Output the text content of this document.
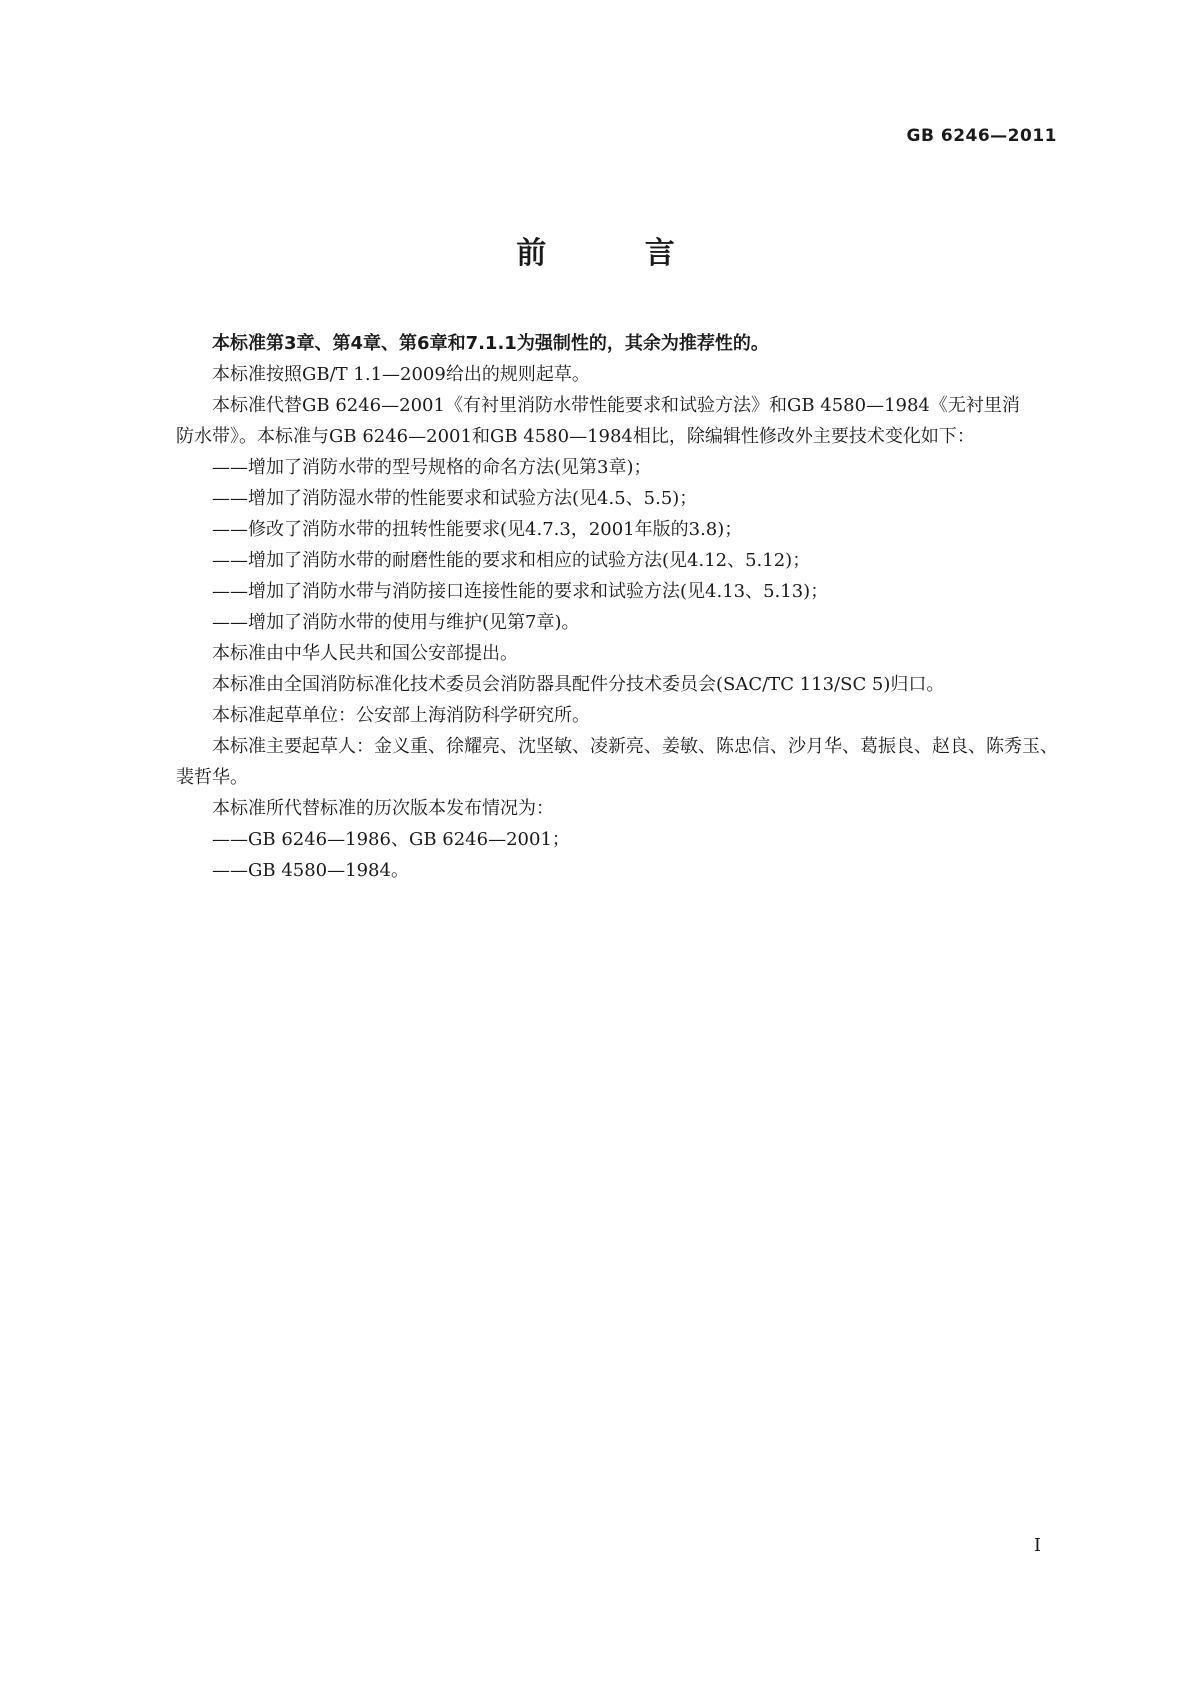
GB 6246—2011
前 言

本标准第3章、第4章、第6章和7.1.1为强制性的，其余为推荐性的。

本标准按照GB/T 1.1—2009给出的规则起草。

本标准代替GB 6246—2001《有衬里消防水带性能要求和试验方法》和GB 4580—1984《无衬里消

防水带》。本标准与GB 6246—2001和GB 4580—1984相比，除编辑性修改外主要技术变化如下：

——增加了消防水带的型号规格的命名方法(见第3章)；

——增加了消防湿水带的性能要求和试验方法(见4.5、5.5)；

——修改了消防水带的扭转性能要求(见4.7.3，2001年版的3.8)；

——增加了消防水带的耐磨性能的要求和相应的试验方法(见4.12、5.12)；

——增加了消防水带与消防接口连接性能的要求和试验方法(见4.13、5.13)；

——增加了消防水带的使用与维护(见第7章)。

本标准由中华人民共和国公安部提出。

本标准由全国消防标准化技术委员会消防器具配件分技术委员会(SAC/TC 113/SC 5)归口。

本标准起草单位：公安部上海消防科学研究所。

本标准主要起草人：金义重、徐耀亮、沈坚敏、凌新亮、姜敏、陈忠信、沙月华、葛振良、赵良、陈秀玉、

裴哲华。

本标准所代替标准的历次版本发布情况为：

——GB 6246—1986、GB 6246—2001；

——GB 4580—1984。

I
